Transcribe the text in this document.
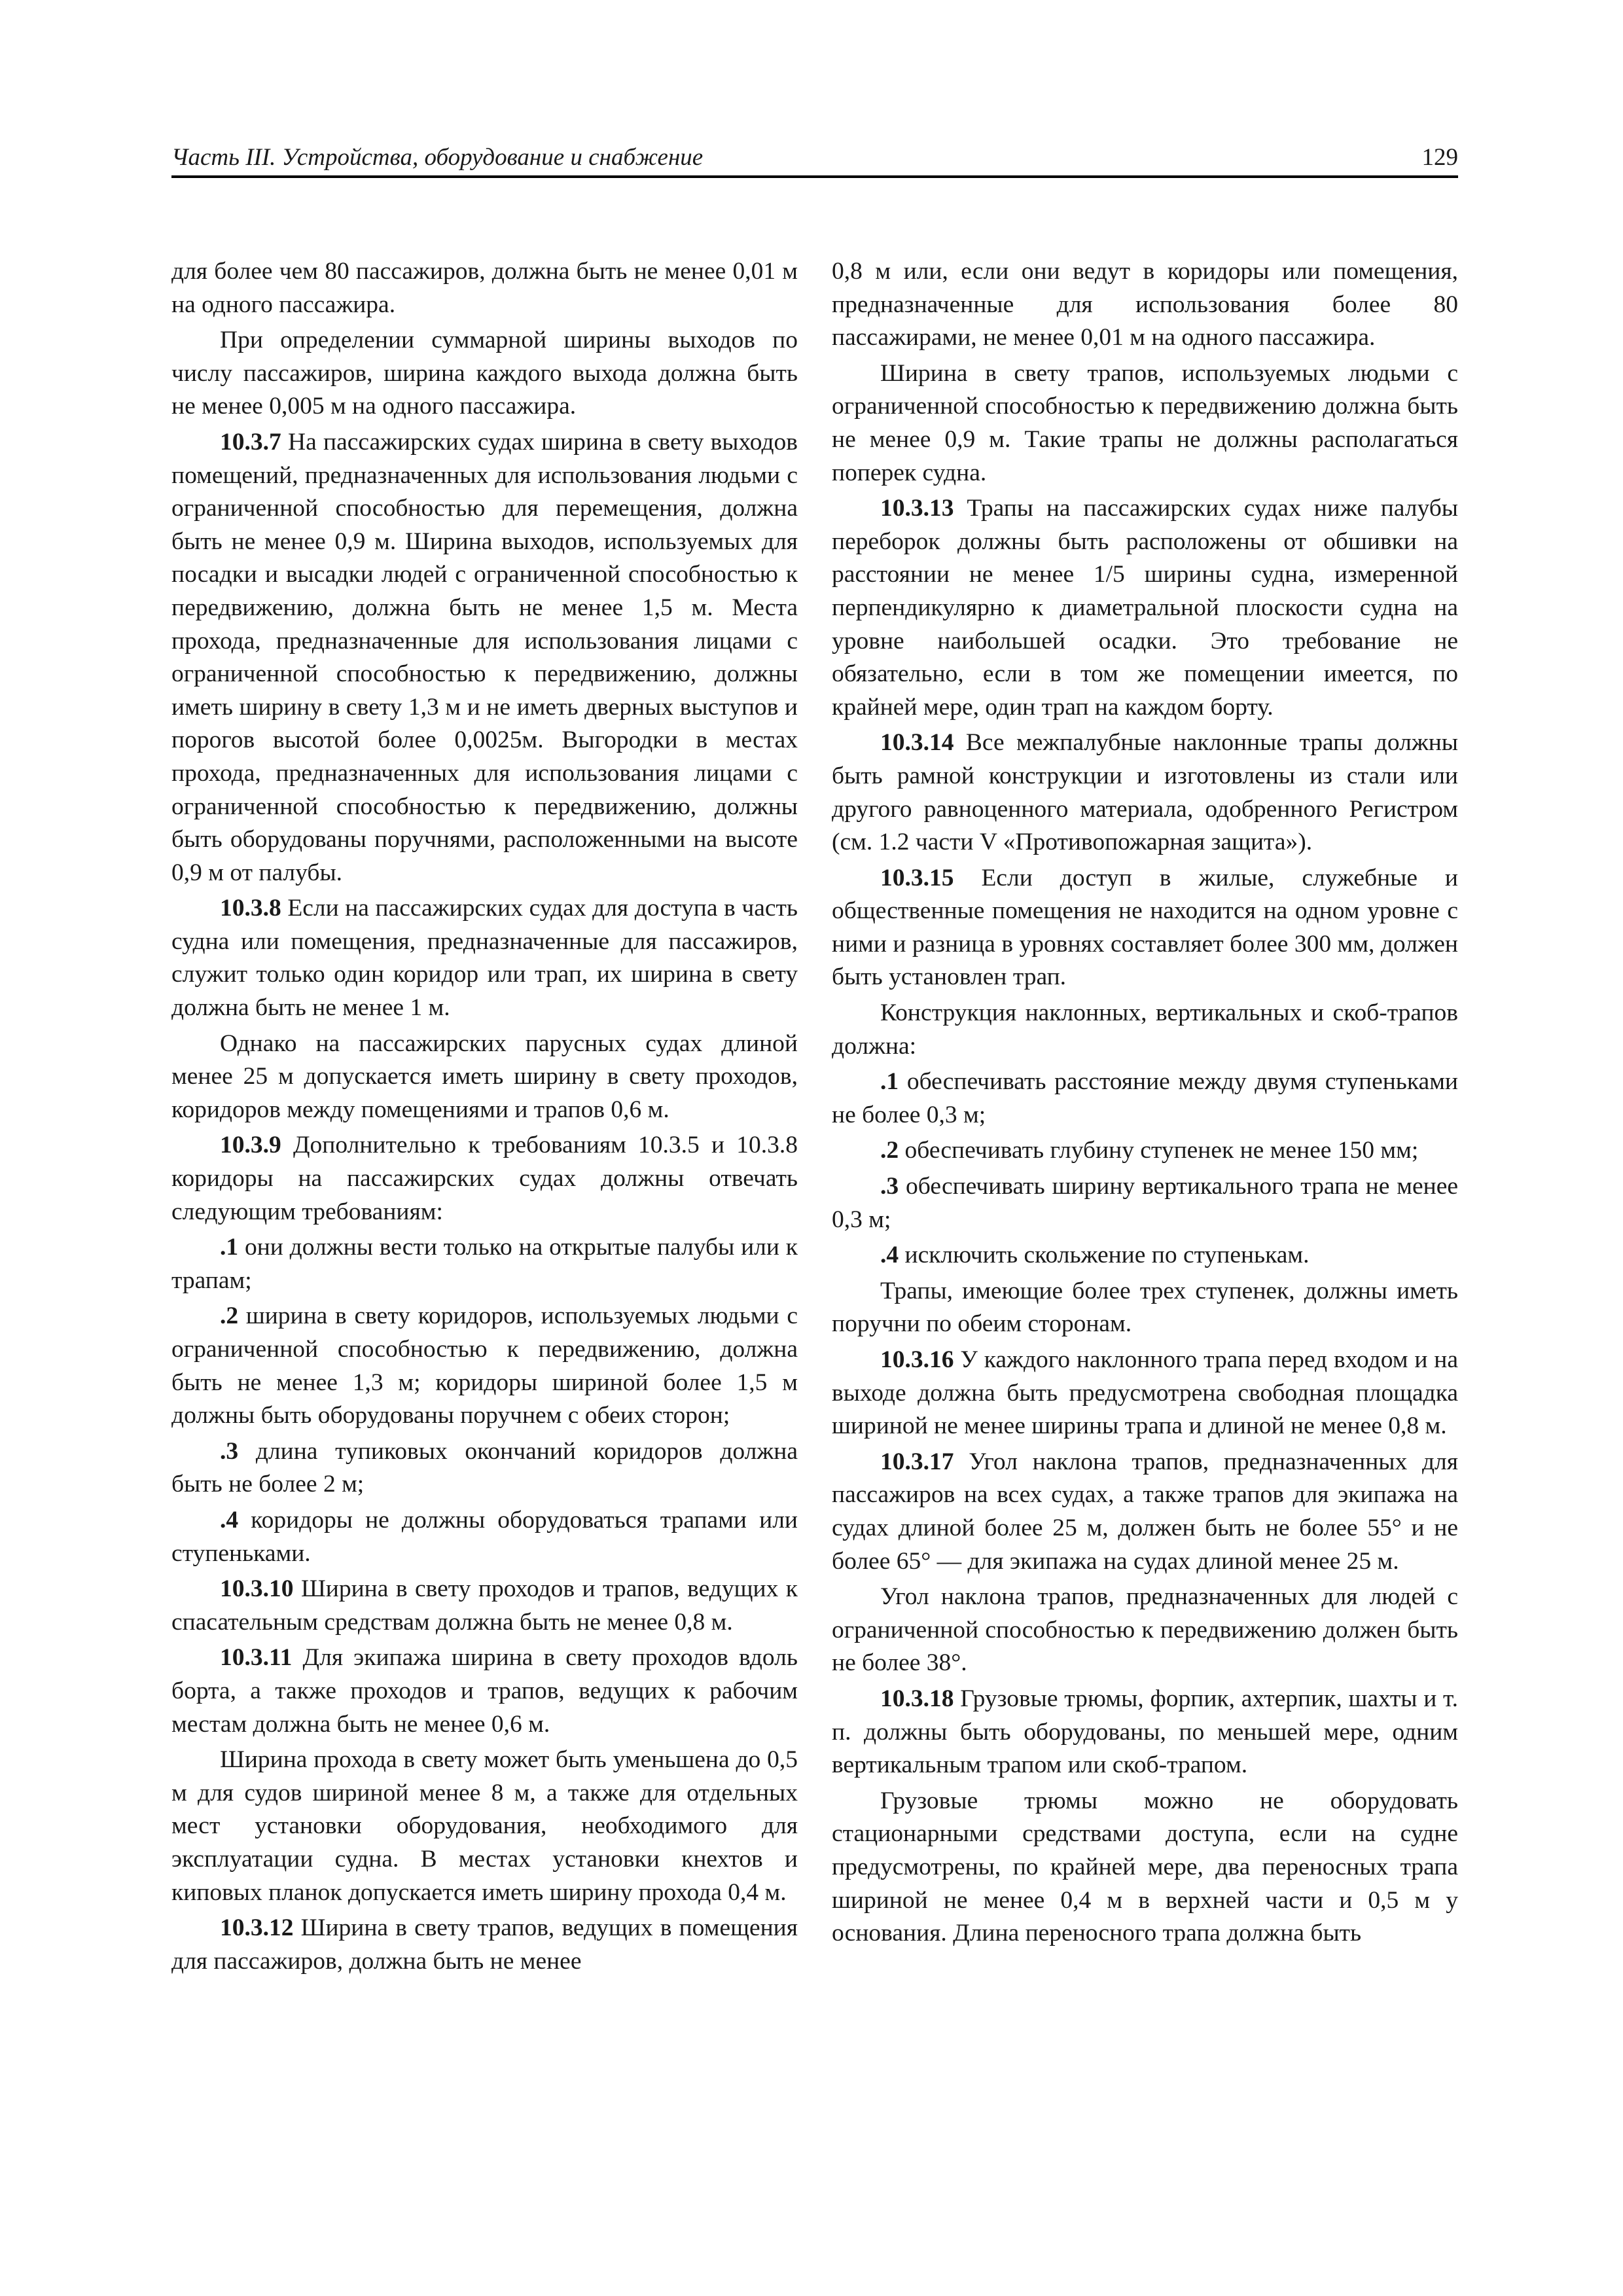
Часть III. Устройства, оборудование и снабжение	129

для более чем 80 пассажиров, должна быть не менее 0,01 м на одного пассажира.

При определении суммарной ширины выходов по числу пассажиров, ширина каждого выхода должна быть не менее 0,005 м на одного пассажира.

10.3.7 На пассажирских судах ширина в свету выходов помещений, предназначенных для использования людьми с ограниченной способностью для перемещения, должна быть не менее 0,9 м. Ширина выходов, используемых для посадки и высадки людей с ограниченной способностью к передвижению, должна быть не менее 1,5 м. Места прохода, предназначенные для использования лицами с ограниченной способностью к передвижению, должны иметь ширину в свету 1,3 м и не иметь дверных выступов и порогов высотой более 0,0025м. Выгородки в местах прохода, предназначенных для использования лицами с ограниченной способностью к передвижению, должны быть оборудованы поручнями, расположенными на высоте 0,9 м от палубы.

10.3.8 Если на пассажирских судах для доступа в часть судна или помещения, предназначенные для пассажиров, служит только один коридор или трап, их ширина в свету должна быть не менее 1 м.

Однако на пассажирских парусных судах длиной менее 25 м допускается иметь ширину в свету проходов, коридоров между помещениями и трапов 0,6 м.

10.3.9 Дополнительно к требованиям 10.3.5 и 10.3.8 коридоры на пассажирских судах должны отвечать следующим требованиям:

.1 они должны вести только на открытые палубы или к трапам;

.2 ширина в свету коридоров, используемых людьми с ограниченной способностью к передвижению, должна быть не менее 1,3 м; коридоры шириной более 1,5 м должны быть оборудованы поручнем с обеих сторон;

.3 длина тупиковых окончаний коридоров должна быть не более 2 м;

.4 коридоры не должны оборудоваться трапами или ступеньками.

10.3.10 Ширина в свету проходов и трапов, ведущих к спасательным средствам должна быть не менее 0,8 м.

10.3.11 Для экипажа ширина в свету проходов вдоль борта, а также проходов и трапов, ведущих к рабочим местам должна быть не менее 0,6 м.

Ширина прохода в свету может быть уменьшена до 0,5 м для судов шириной менее 8 м, а также для отдельных мест установки оборудования, необходимого для эксплуатации судна. В местах установки кнехтов и киповых планок допускается иметь ширину прохода 0,4 м.

10.3.12 Ширина в свету трапов, ведущих в помещения для пассажиров, должна быть не менее

0,8 м или, если они ведут в коридоры или помещения, предназначенные для использования более 80 пассажирами, не менее 0,01 м на одного пассажира.

Ширина в свету трапов, используемых людьми с ограниченной способностью к передвижению должна быть не менее 0,9 м. Такие трапы не должны располагаться поперек судна.

10.3.13 Трапы на пассажирских судах ниже палубы переборок должны быть расположены от обшивки на расстоянии не менее 1/5 ширины судна, измеренной перпендикулярно к диаметральной плоскости судна на уровне наибольшей осадки. Это требование не обязательно, если в том же помещении имеется, по крайней мере, один трап на каждом борту.

10.3.14 Все межпалубные наклонные трапы должны быть рамной конструкции и изготовлены из стали или другого равноценного материала, одобренного Регистром (см. 1.2 части V «Противопожарная защита»).

10.3.15 Если доступ в жилые, служебные и общественные помещения не находится на одном уровне с ними и разница в уровнях составляет более 300 мм, должен быть установлен трап.

Конструкция наклонных, вертикальных и скоб-трапов должна:

.1 обеспечивать расстояние между двумя ступеньками не более 0,3 м;

.2 обеспечивать глубину ступенек не менее 150 мм;

.3 обеспечивать ширину вертикального трапа не менее 0,3 м;

.4 исключить скольжение по ступенькам.

Трапы, имеющие более трех ступенек, должны иметь поручни по обеим сторонам.

10.3.16 У каждого наклонного трапа перед входом и на выходе должна быть предусмотрена свободная площадка шириной не менее ширины трапа и длиной не менее 0,8 м.

10.3.17 Угол наклона трапов, предназначенных для пассажиров на всех судах, а также трапов для экипажа на судах длиной более 25 м, должен быть не более 55° и не более 65° — для экипажа на судах длиной менее 25 м.

Угол наклона трапов, предназначенных для людей с ограниченной способностью к передвижению должен быть не более 38°.

10.3.18 Грузовые трюмы, форпик, ахтерпик, шахты и т. п. должны быть оборудованы, по меньшей мере, одним вертикальным трапом или скоб-трапом.

Грузовые трюмы можно не оборудовать стационарными средствами доступа, если на судне предусмотрены, по крайней мере, два переносных трапа шириной не менее 0,4 м в верхней части и 0,5 м у основания. Длина переносного трапа должна быть
